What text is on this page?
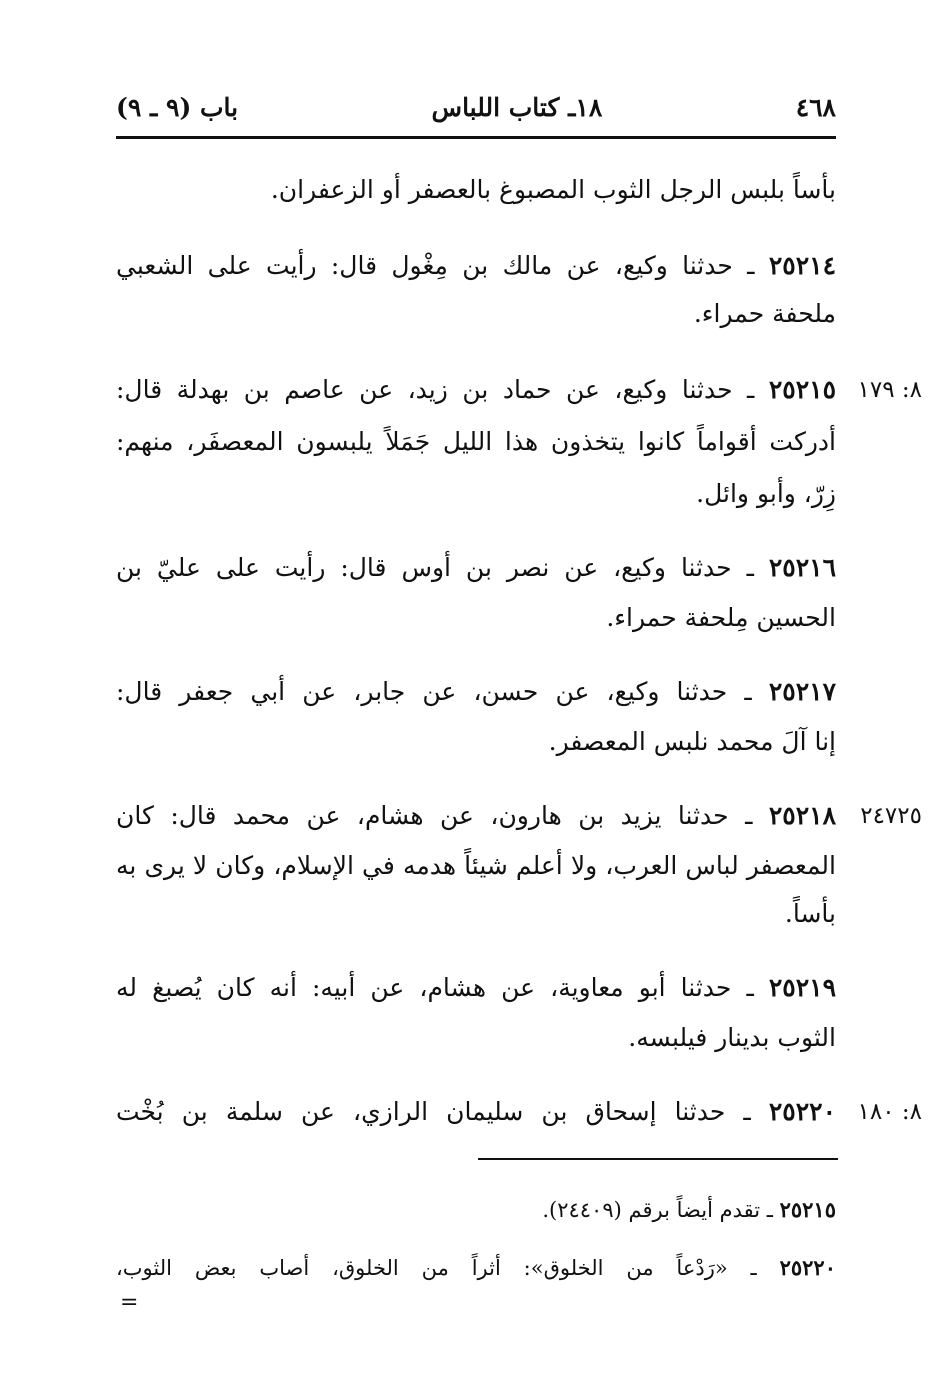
باب (٩ ـ ٩)	١٨ـ كتاب اللباس	٤٦٨
بأساً بلبس الرجل الثوب المصبوغ بالعصفر أو الزعفران.
٢٥٢١٤ ـ حدثنا وكيع، عن مالك بن مِغْول قال: رأيت على الشعبي
ملحفة حمراء.
٨: ١٧٩
٢٥٢١٥ ـ حدثنا وكيع، عن حماد بن زيد، عن عاصم بن بهدلة قال:
أدركت أقواماً كانوا يتخذون هذا الليل جَمَلاً يلبسون المعصفَر، منهم:
زِرّ، وأبو وائل.
٢٥٢١٦ ـ حدثنا وكيع، عن نصر بن أوس قال: رأيت على عليّ بن
الحسين مِلحفة حمراء.
٢٥٢١٧ ـ حدثنا وكيع، عن حسن، عن جابر، عن أبي جعفر قال:
إنا آلَ محمد نلبس المعصفر.
٢٤٧٢٥
٢٥٢١٨ ـ حدثنا يزيد بن هارون، عن هشام، عن محمد قال: كان
المعصفر لباس العرب، ولا أعلم شيئاً هدمه في الإسلام، وكان لا يرى به
بأساً.
٢٥٢١٩ ـ حدثنا أبو معاوية، عن هشام، عن أبيه: أنه كان يُصبغ له
الثوب بدينار فيلبسه.
٨: ١٨٠
٢٥٢٢٠ ـ حدثنا إسحاق بن سليمان الرازي، عن سلمة بن بُخْت
٢٥٢١٥ ـ تقدم أيضاً برقم (٢٤٤٠٩).
٢٥٢٢٠ ـ «رَدْعاً من الخلوق»: أثراً من الخلوق، أصاب بعض الثوب،
=
